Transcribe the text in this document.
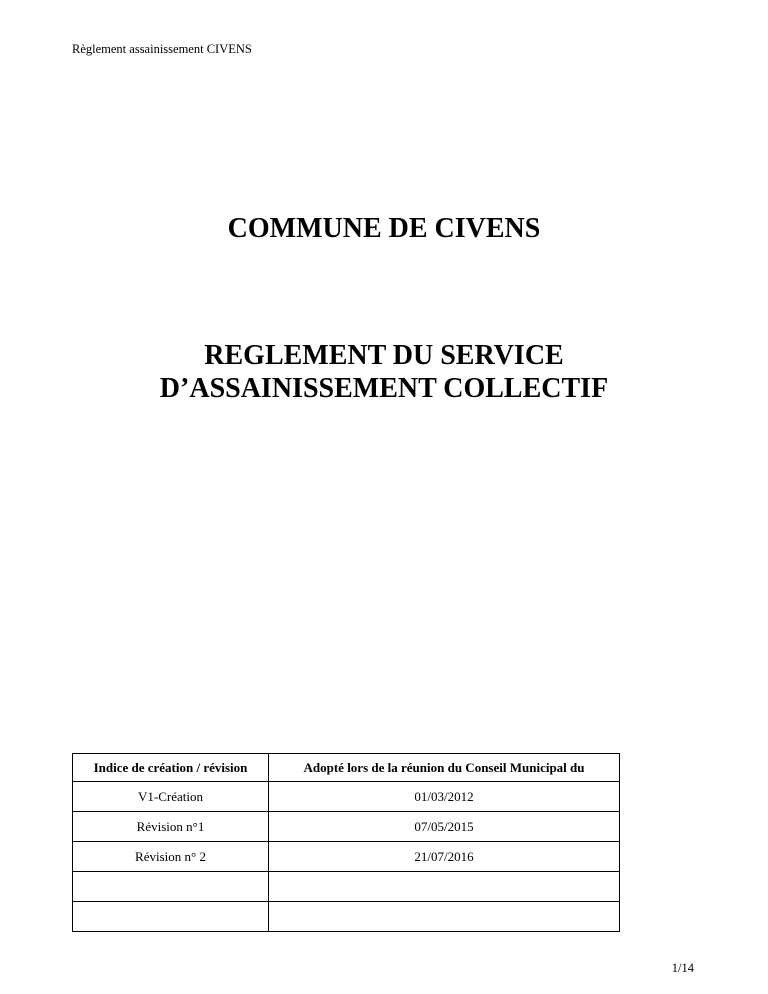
Règlement assainissement CIVENS
COMMUNE DE CIVENS
REGLEMENT DU SERVICE
D’ASSAINISSEMENT COLLECTIF
Indice de création / révision	Adopté lors de la réunion du Conseil Municipal du
V1-Création	01/03/2012
Révision n°1	07/05/2015
Révision n° 2	21/07/2016

1/14
